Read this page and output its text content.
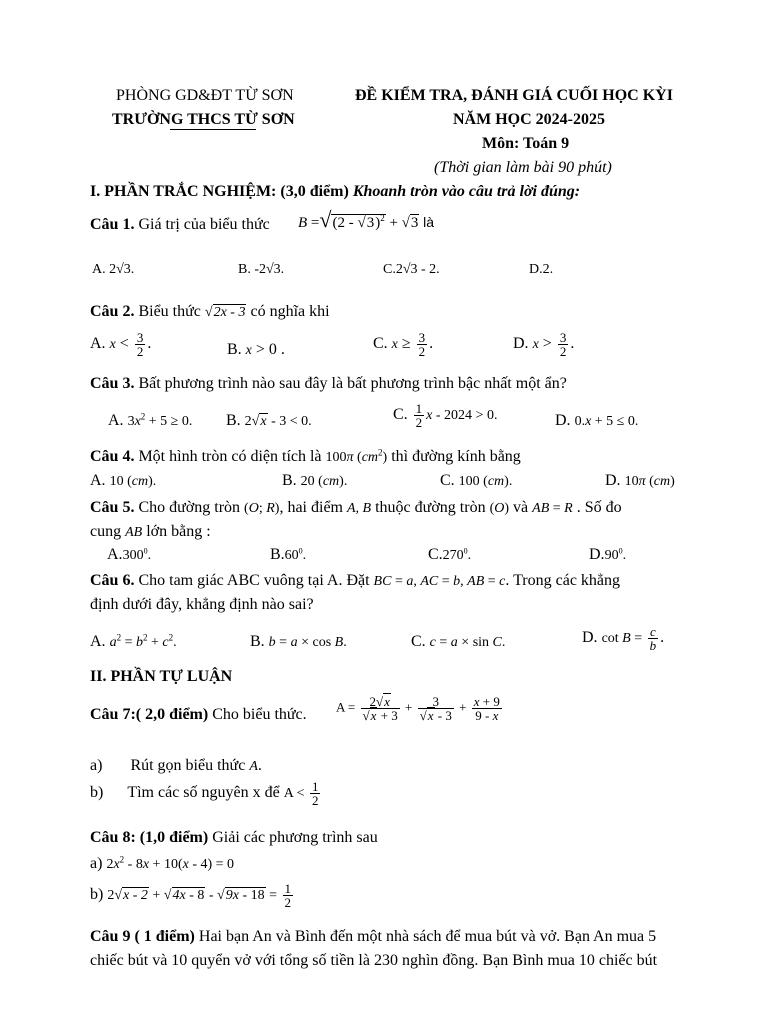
PHÒNG GD&ĐT TỪ SƠN
TRƯỜNG THCS TỪ SƠN
ĐỀ KIỂM TRA, ĐÁNH GIÁ CUỐI HỌC KỲI
NĂM HỌC 2024-2025
Môn: Toán 9
(Thời gian làm bài 90 phút)
I. PHẦN TRẮC NGHIỆM: (3,0 điểm) Khoanh tròn vào câu trả lời đúng:
Câu 1. Giá trị của biểu thức B =√(2 - √3)$^2$ + √3 là
A. 2√3.	B. -2√3.	C.2√3 - 2.	D.2.
Câu 2. Biểu thức √2x - 3 có nghĩa khi
A. $x < \frac{3}{2}$ .	B. x > 0 .	C. $x \ge \frac{3}{2}$ .	D. $x > \frac{3}{2}$ .
Câu 3. Bất phương trình nào sau đây là bất phương trình bậc nhất một ẩn?
A. $3x^2 + 5 \ge 0$. B. 2√x - 3 < 0.	C. $\frac{1}{2}$ x - 2024 > 0.	D. 0.x + 5 ≤ 0.
Câu 4. Một hình tròn có diện tích là 100π $(cm^2)$ thì đường kính bằng
A. 10 (cm).	B. 20 (cm).	C. 100 (cm).	D. 10π (cm)
Câu 5. Cho đường tròn (O; R), hai điểm A, B thuộc đường tròn (O) và AB = R . Số đo
cung AB lớn bằng :
A.300$^0$.	$B.60^0$.	C.270$^0$.	$D.90^0$.
Câu 6. Cho tam giác ABC vuông tại A. Đặt BC = a, AC = b, AB = c. Trong các khẳng
định dưới đây, khẳng định nào sai?
A. $a^2 = b^2 + c^2$.	B. b = a × cos B.	C. c = a × sin C.	D. $\cot B = \frac{c}{b}$ .
II. PHẦN TỰ LUẬN
Câu 7:( 2,0 điểm) Cho biểu thức. $A = \frac{2√x}{√x + 3} + \frac{3}{√x - 3} + \frac{x + 9}{9 - x}$
a) Rút gọn biểu thức A.
b) Tìm các số nguyên x để $A < \frac{1}{2}$
Câu 8: (1,0 điểm) Giải các phương trình sau
a) $2x^2 - 8x + 10(x - 4) = 0$
b) $2√x - 2 + √4x - 8 - √9x - 18 = \frac{1}{2}$
Câu 9 ( 1 điểm) Hai bạn An và Bình đến một nhà sách để mua bút và vở. Bạn An mua 5
chiếc bút và 10 quyển vở với tổng số tiền là 230 nghìn đồng. Bạn Bình mua 10 chiếc bút
